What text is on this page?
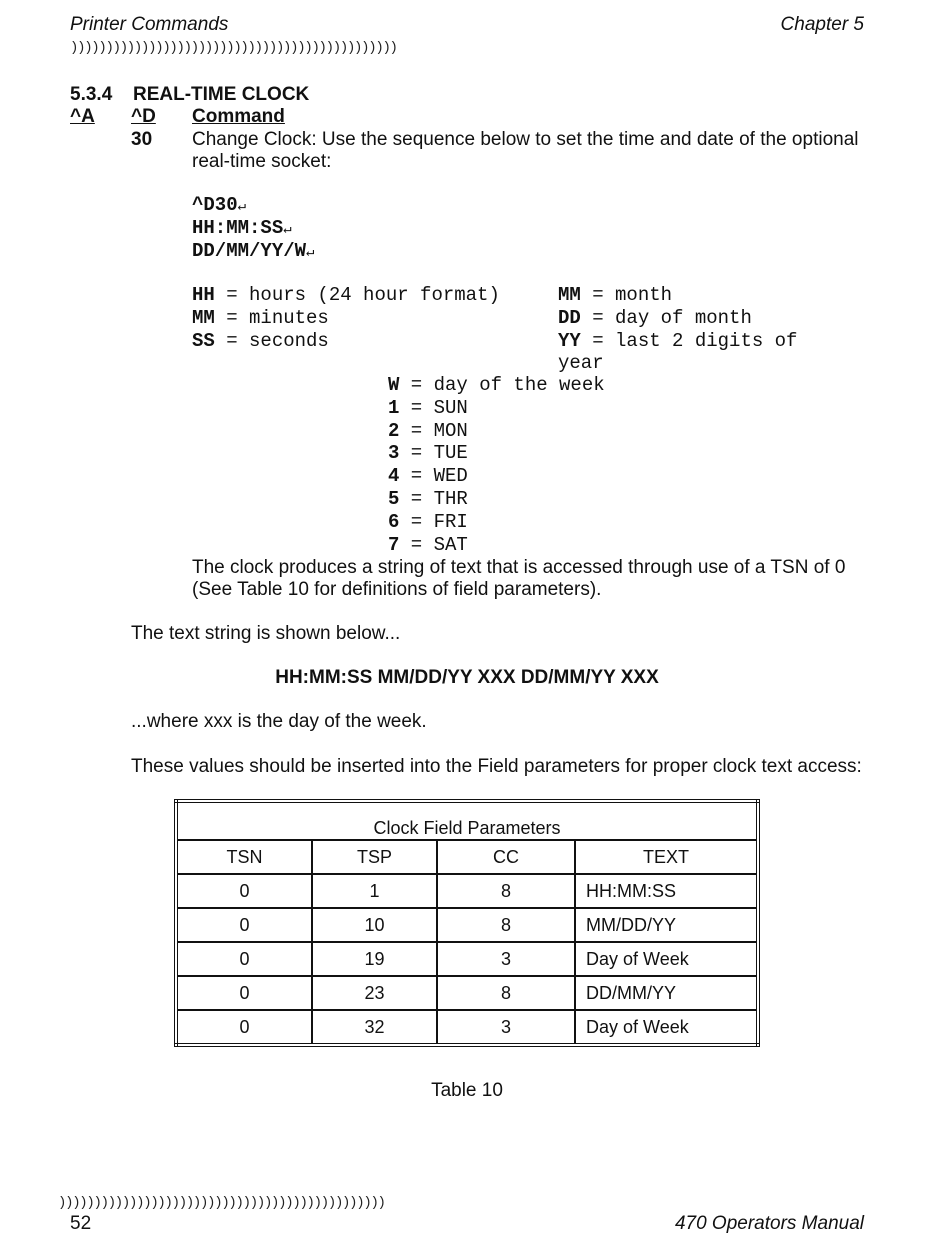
Printer Commands	Chapter 5
))))))))))))))))))))))))))))))))))))))))))))))
5.3.4 REAL-TIME CLOCK
^A ^D Command
30 Change Clock: Use the sequence below to set the time and date of the optional
real-time socket:
^D30↵
HH:MM:SS↵
DD/MM/YY/W↵
HH = hours (24 hour format)
MM = minutes
SS = seconds
MM = month
DD = day of month
YY = last 2 digits of
year
W = day of the week
1 = SUN
2 = MON
3 = TUE
4 = WED
5 = THR
6 = FRI
7 = SAT
The clock produces a string of text that is accessed through use of a TSN of 0
(See Table 10 for definitions of field parameters).
The text string is shown below...
HH:MM:SS MM/DD/YY XXX DD/MM/YY XXX
...where xxx is the day of the week.
These values should be inserted into the Field parameters for proper clock text access:
Clock Field Parameters			
TSN	TSP	CC	TEXT
0	1	8	HH:MM:SS
0	10	8	MM/DD/YY
0	19	3	Day of Week
0	23	8	DD/MM/YY
0	32	3	Day of Week
Table 10
))))))))))))))))))))))))))))))))))))))))))))))
52	470 Operators Manual
